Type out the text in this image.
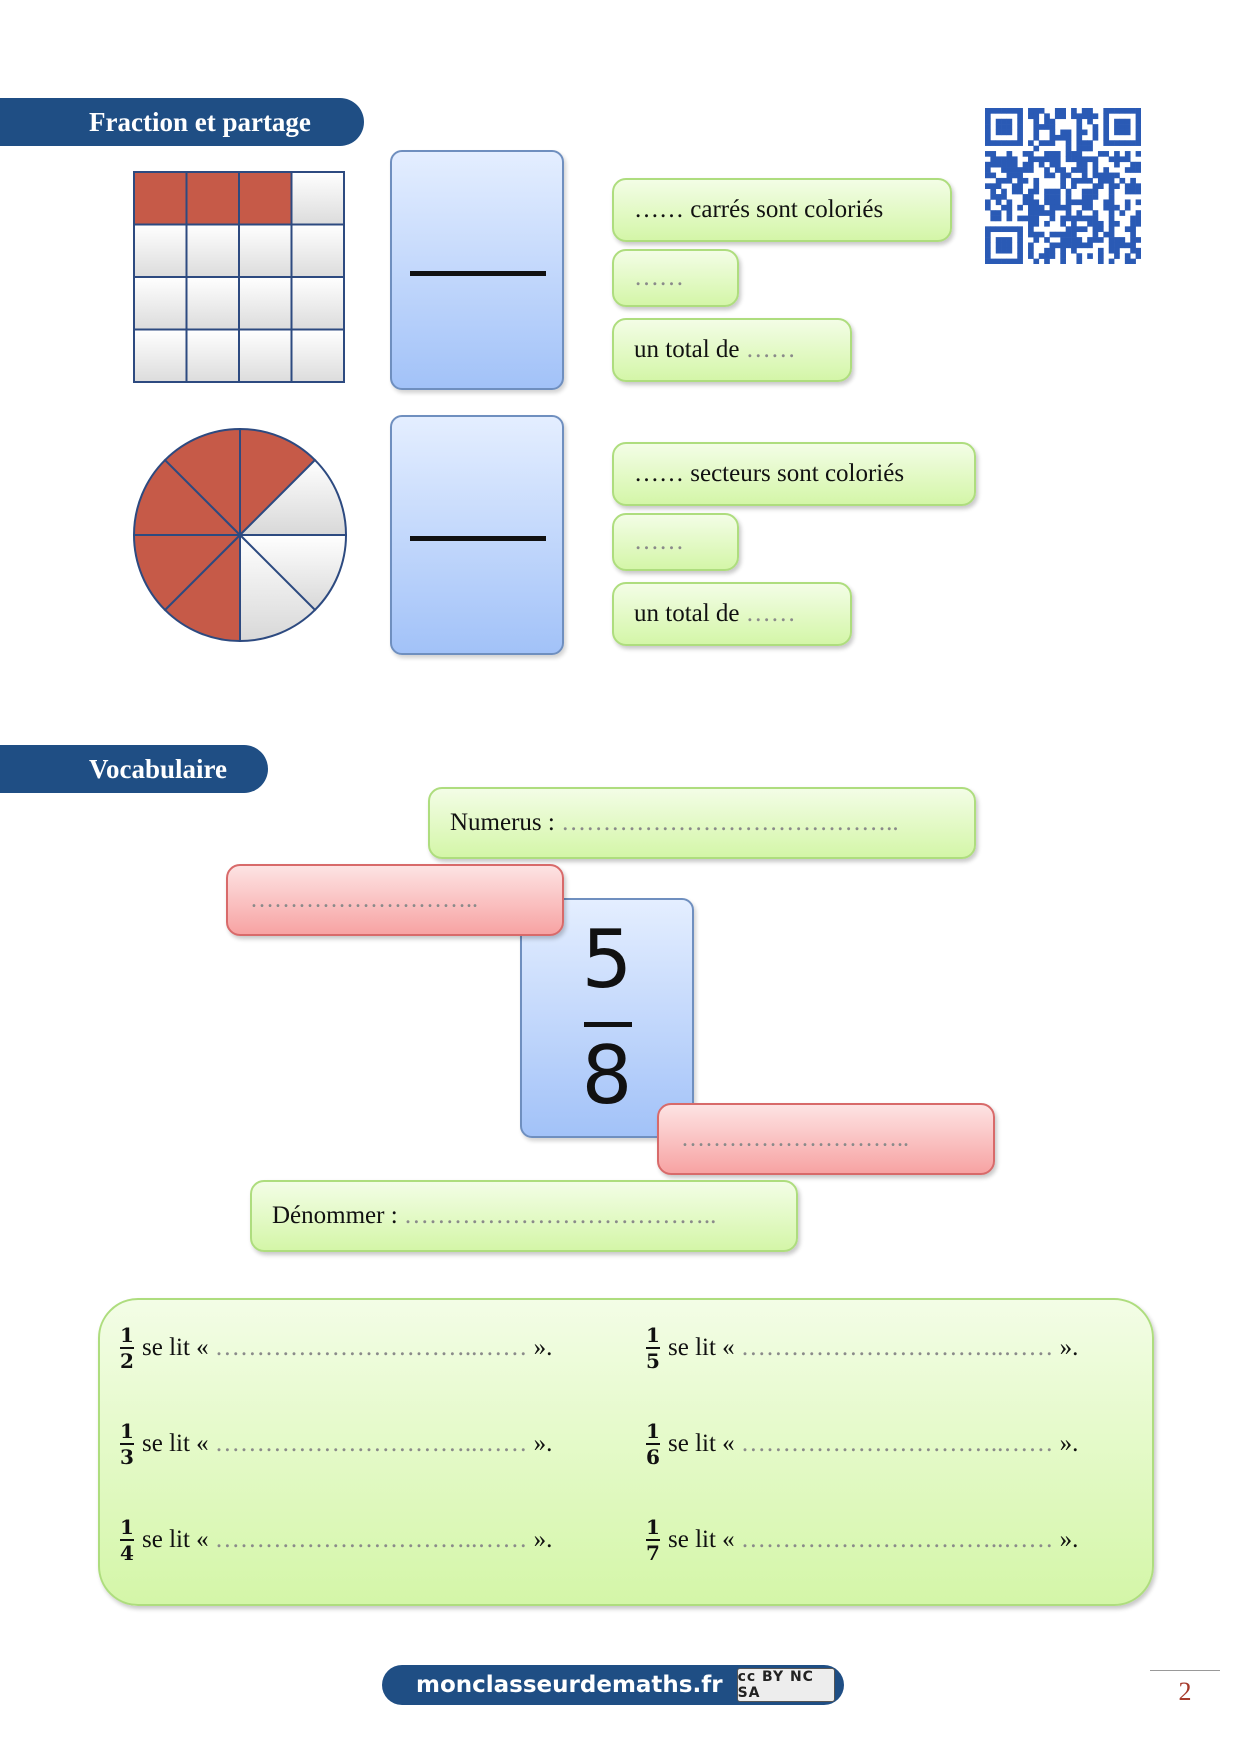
Fraction et partage
…… carrés sont coloriés
……
un total de
……
…… secteurs sont coloriés
……
un total de
……
Vocabulaire
Numerus :
…………………………………..
5
8
………………………..
………………………..
Dénommer :
………………………………..
$\frac{1}{2}$ se lit «
…………………………..……
».	$\frac{1}{5}$ se lit «
…………………………..……
».
$\frac{1}{3}$ se lit «
…………………………..……
».	$\frac{1}{6}$ se lit «
…………………………..……
».
$\frac{1}{4}$ se lit «
…………………………..……
».	$\frac{1}{7}$ se lit «
…………………………..……
».
monclasseurdemaths.fr cc BY NC SA	2
